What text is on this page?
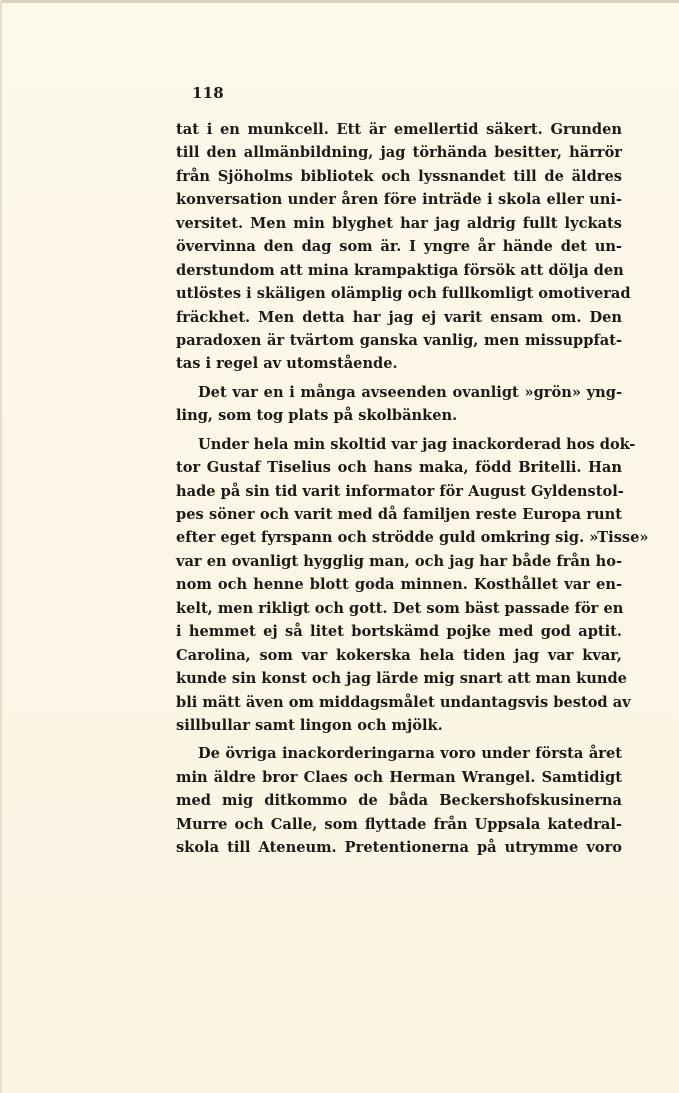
118
tat i en munkcell. Ett är emellertid säkert. Grunden
till den allmänbildning, jag törhända besitter, härrör
från Sjöholms bibliotek och lyssnandet till de äldres
konversation under åren före inträde i skola eller uni-
versitet. Men min blyghet har jag aldrig fullt lyckats
övervinna den dag som är. I yngre år hände det un-
derstundom att mina krampaktiga försök att dölja den
utlöstes i skäligen olämplig och fullkomligt omotiverad
fräckhet. Men detta har jag ej varit ensam om. Den
paradoxen är tvärtom ganska vanlig, men missuppfat-
tas i regel av utomstående.
Det var en i många avseenden ovanligt »grön» yng-
ling, som tog plats på skolbänken.
Under hela min skoltid var jag inackorderad hos dok-
tor Gustaf Tiselius och hans maka, född Britelli. Han
hade på sin tid varit informator för August Gyldenstol-
pes söner och varit med då familjen reste Europa runt
efter eget fyrspann och strödde guld omkring sig. »Tisse»
var en ovanligt hygglig man, och jag har både från ho-
nom och henne blott goda minnen. Kosthållet var en-
kelt, men rikligt och gott. Det som bäst passade för en
i hemmet ej så litet bortskämd pojke med god aptit.
Carolina, som var kokerska hela tiden jag var kvar,
kunde sin konst och jag lärde mig snart att man kunde
bli mätt även om middagsmålet undantagsvis bestod av
sillbullar samt lingon och mjölk.
De övriga inackorderingarna voro under första året
min äldre bror Claes och Herman Wrangel. Samtidigt
med mig ditkommo de båda Beckershofskusinerna
Murre och Calle, som flyttade från Uppsala katedral-
skola till Ateneum. Pretentionerna på utrymme voro
